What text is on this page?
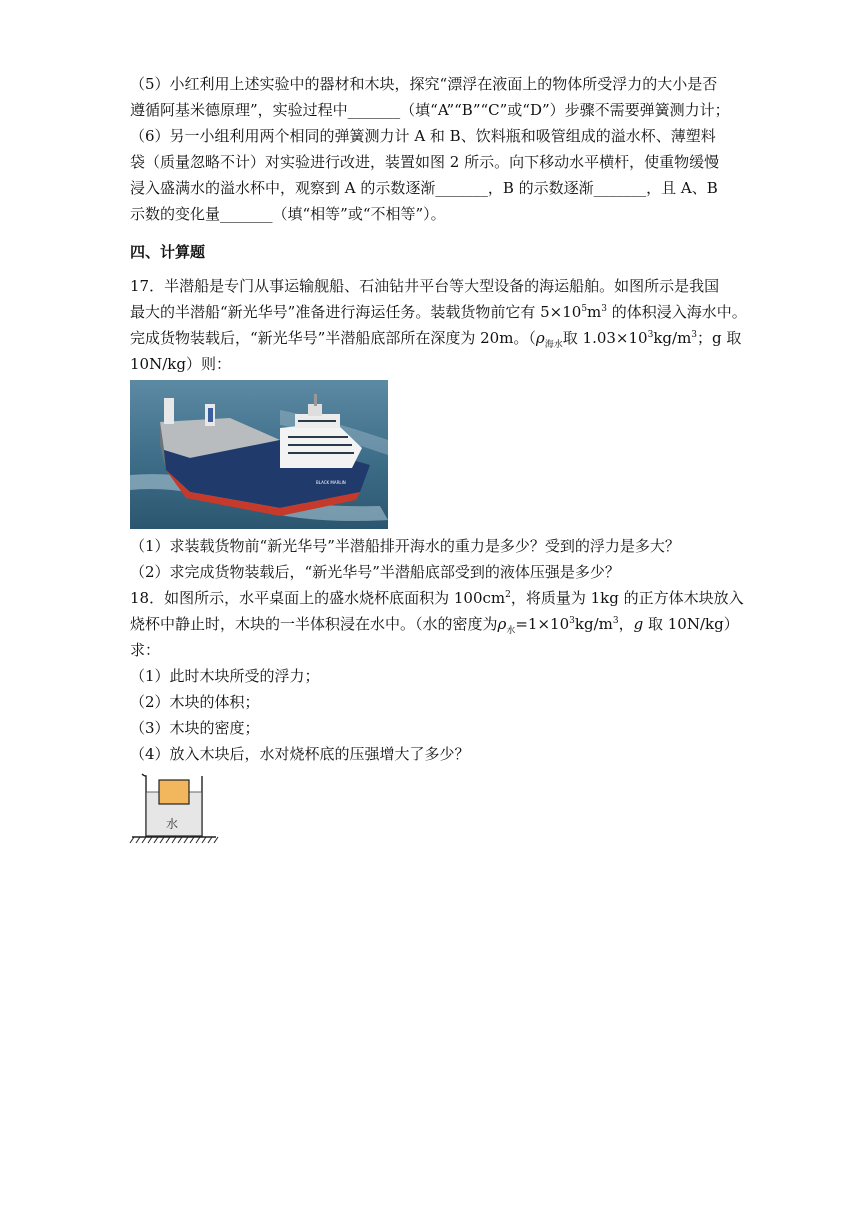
（5）小红利用上述实验中的器材和木块，探究“漂浮在液面上的物体所受浮力的大小是否
遵循阿基米德原理”，实验过程中_______（填“A”“B”“C”或“D”）步骤不需要弹簧测力计；
（6）另一小组利用两个相同的弹簧测力计 A 和 B、饮料瓶和吸管组成的溢水杯、薄塑料
袋（质量忽略不计）对实验进行改进，装置如图 2 所示。向下移动水平横杆，使重物缓慢
浸入盛满水的溢水杯中，观察到 A 的示数逐渐_______，B 的示数逐渐_______，且 A、B
示数的变化量_______（填“相等”或“不相等”）。
四、计算题
17．半潜船是专门从事运输舰船、石油钻井平台等大型设备的海运船舶。如图所示是我国
最大的半潜船“新光华号”准备进行海运任务。装载货物前它有 $5\times 10^5m^3$ 的体积浸入海水中。
完成货物装载后，“新光华号”半潜船底部所在深度为 20m。（$\rho_{海水}$取 $1.03\times 10^3kg/m^3$；g 取
10N/kg）则：
BLACK MARLIN
（1）求装载货物前“新光华号”半潜船排开海水的重力是多少？受到的浮力是多大？
（2）求完成货物装载后，“新光华号”半潜船底部受到的液体压强是多少？
18．如图所示，水平桌面上的盛水烧杯底面积为 $100cm^2$，将质量为 1kg 的正方体木块放入
烧杯中静止时，木块的一半体积浸在水中。（水的密度为$\rho_水=1\times 10^3kg/m^3$，g 取 10N/kg）
求：
（1）此时木块所受的浮力；
（2）木块的体积；
（3）木块的密度；
（4）放入木块后，水对烧杯底的压强增大了多少？
水
